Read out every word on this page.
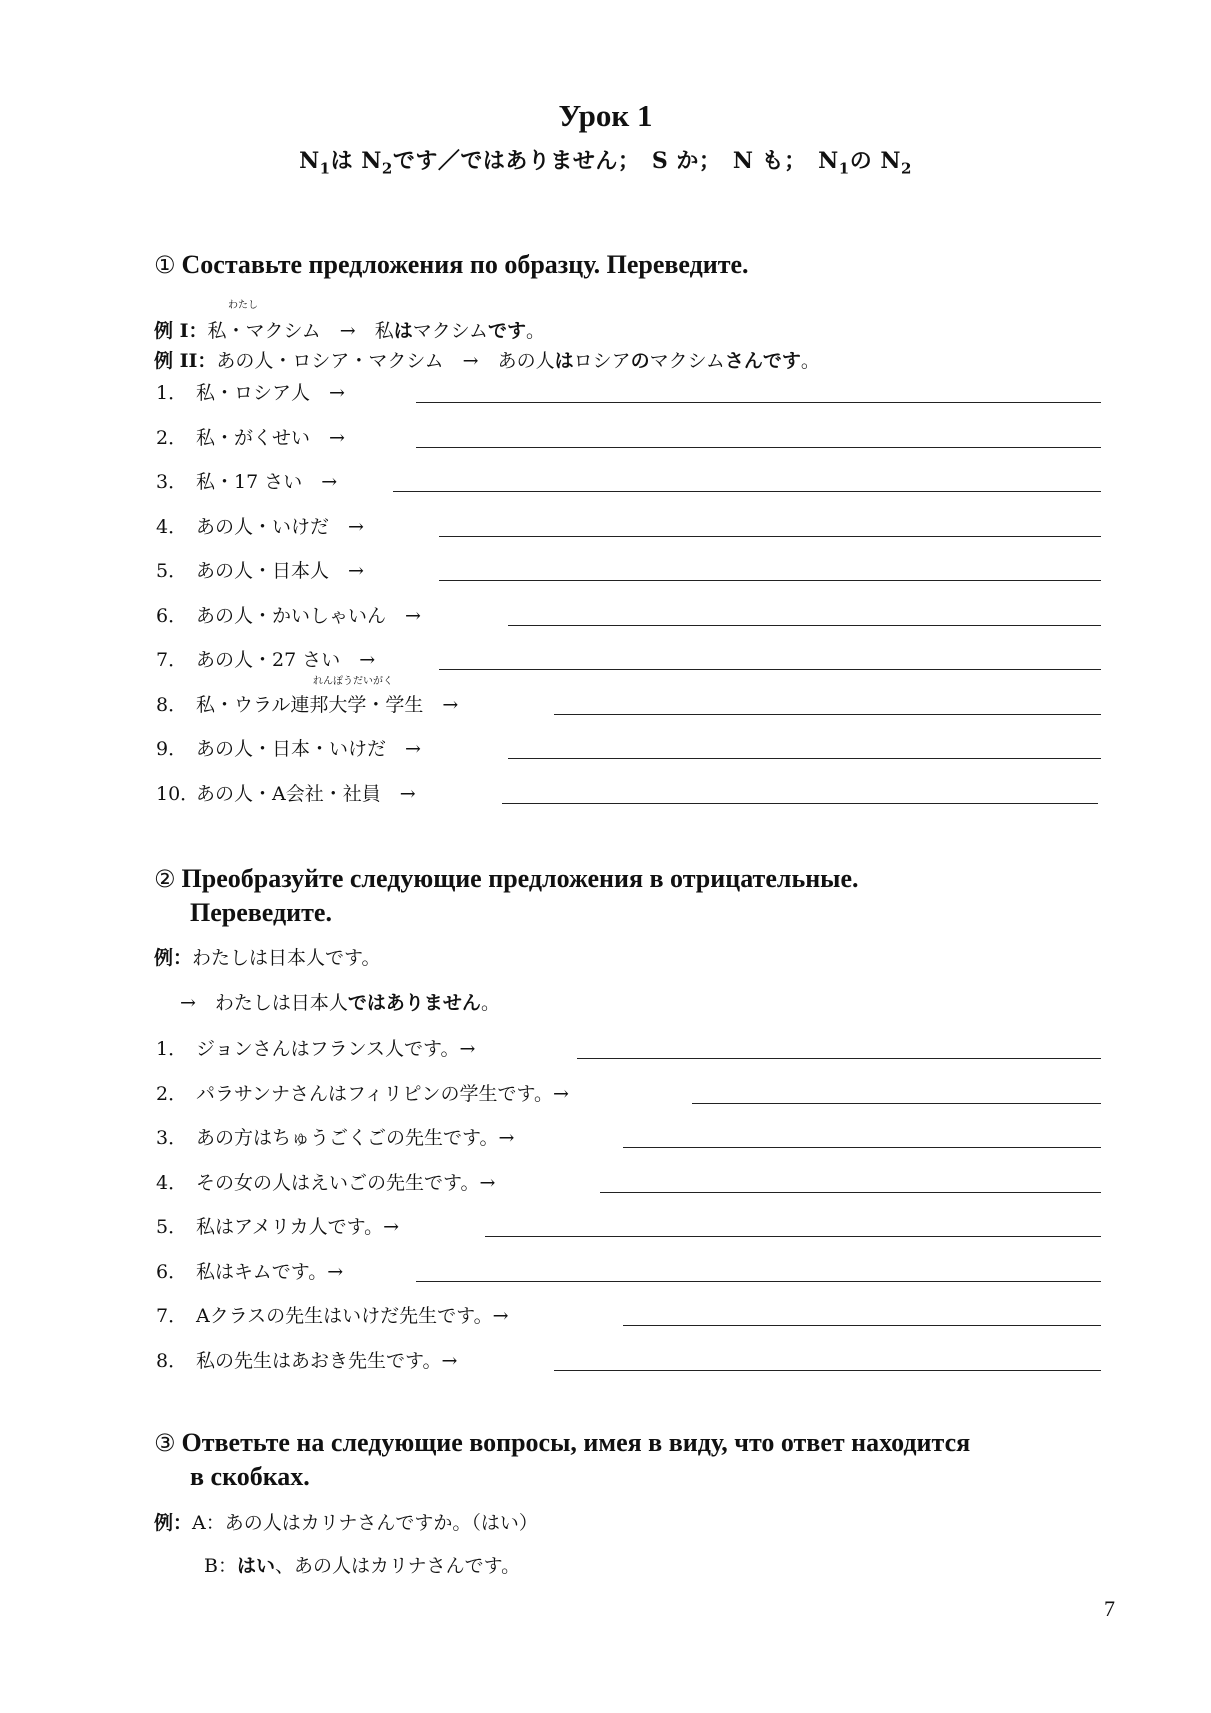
Урок 1
$N_1$は $N_2$です／ではありません；　S か；　N も；　$N_1$の $N_2$
① Составьте предложения по образцу. Переведите.
わたし
例 I：私・マクシム　→　私はマクシムです。
例 II：あの人・ロシア・マクシム　→　あの人はロシアのマクシムさんです。
1． 私・ロシア人　→
2． 私・がくせい　→
3． 私・17 さい　→
4． あの人・いけだ　→
5． あの人・日本人　→
6． あの人・かいしゃいん　→
7． あの人・27 さい　→
れんぽうだいがく
8． 私・ウラル連邦大学・学生　→
9． あの人・日本・いけだ　→
10．あの人・A会社・社員　→
② Преобразуйте следующие предложения в отрицательные.
Переведите.
例：わたしは日本人です。
→　わたしは日本人ではありません。
1． ジョンさんはフランス人です。→
2． パラサンナさんはフィリピンの学生です。→
3． あの方はちゅうごくごの先生です。→
4． その女の人はえいごの先生です。→
5． 私はアメリカ人です。→
6． 私はキムです。→
7． Aクラスの先生はいけだ先生です。→
8． 私の先生はあおき先生です。→
③ Ответьте на следующие вопросы, имея в виду, что ответ находится
в скобках.
例：A：あの人はカリナさんですか。（はい）
B：はい、あの人はカリナさんです。
7
